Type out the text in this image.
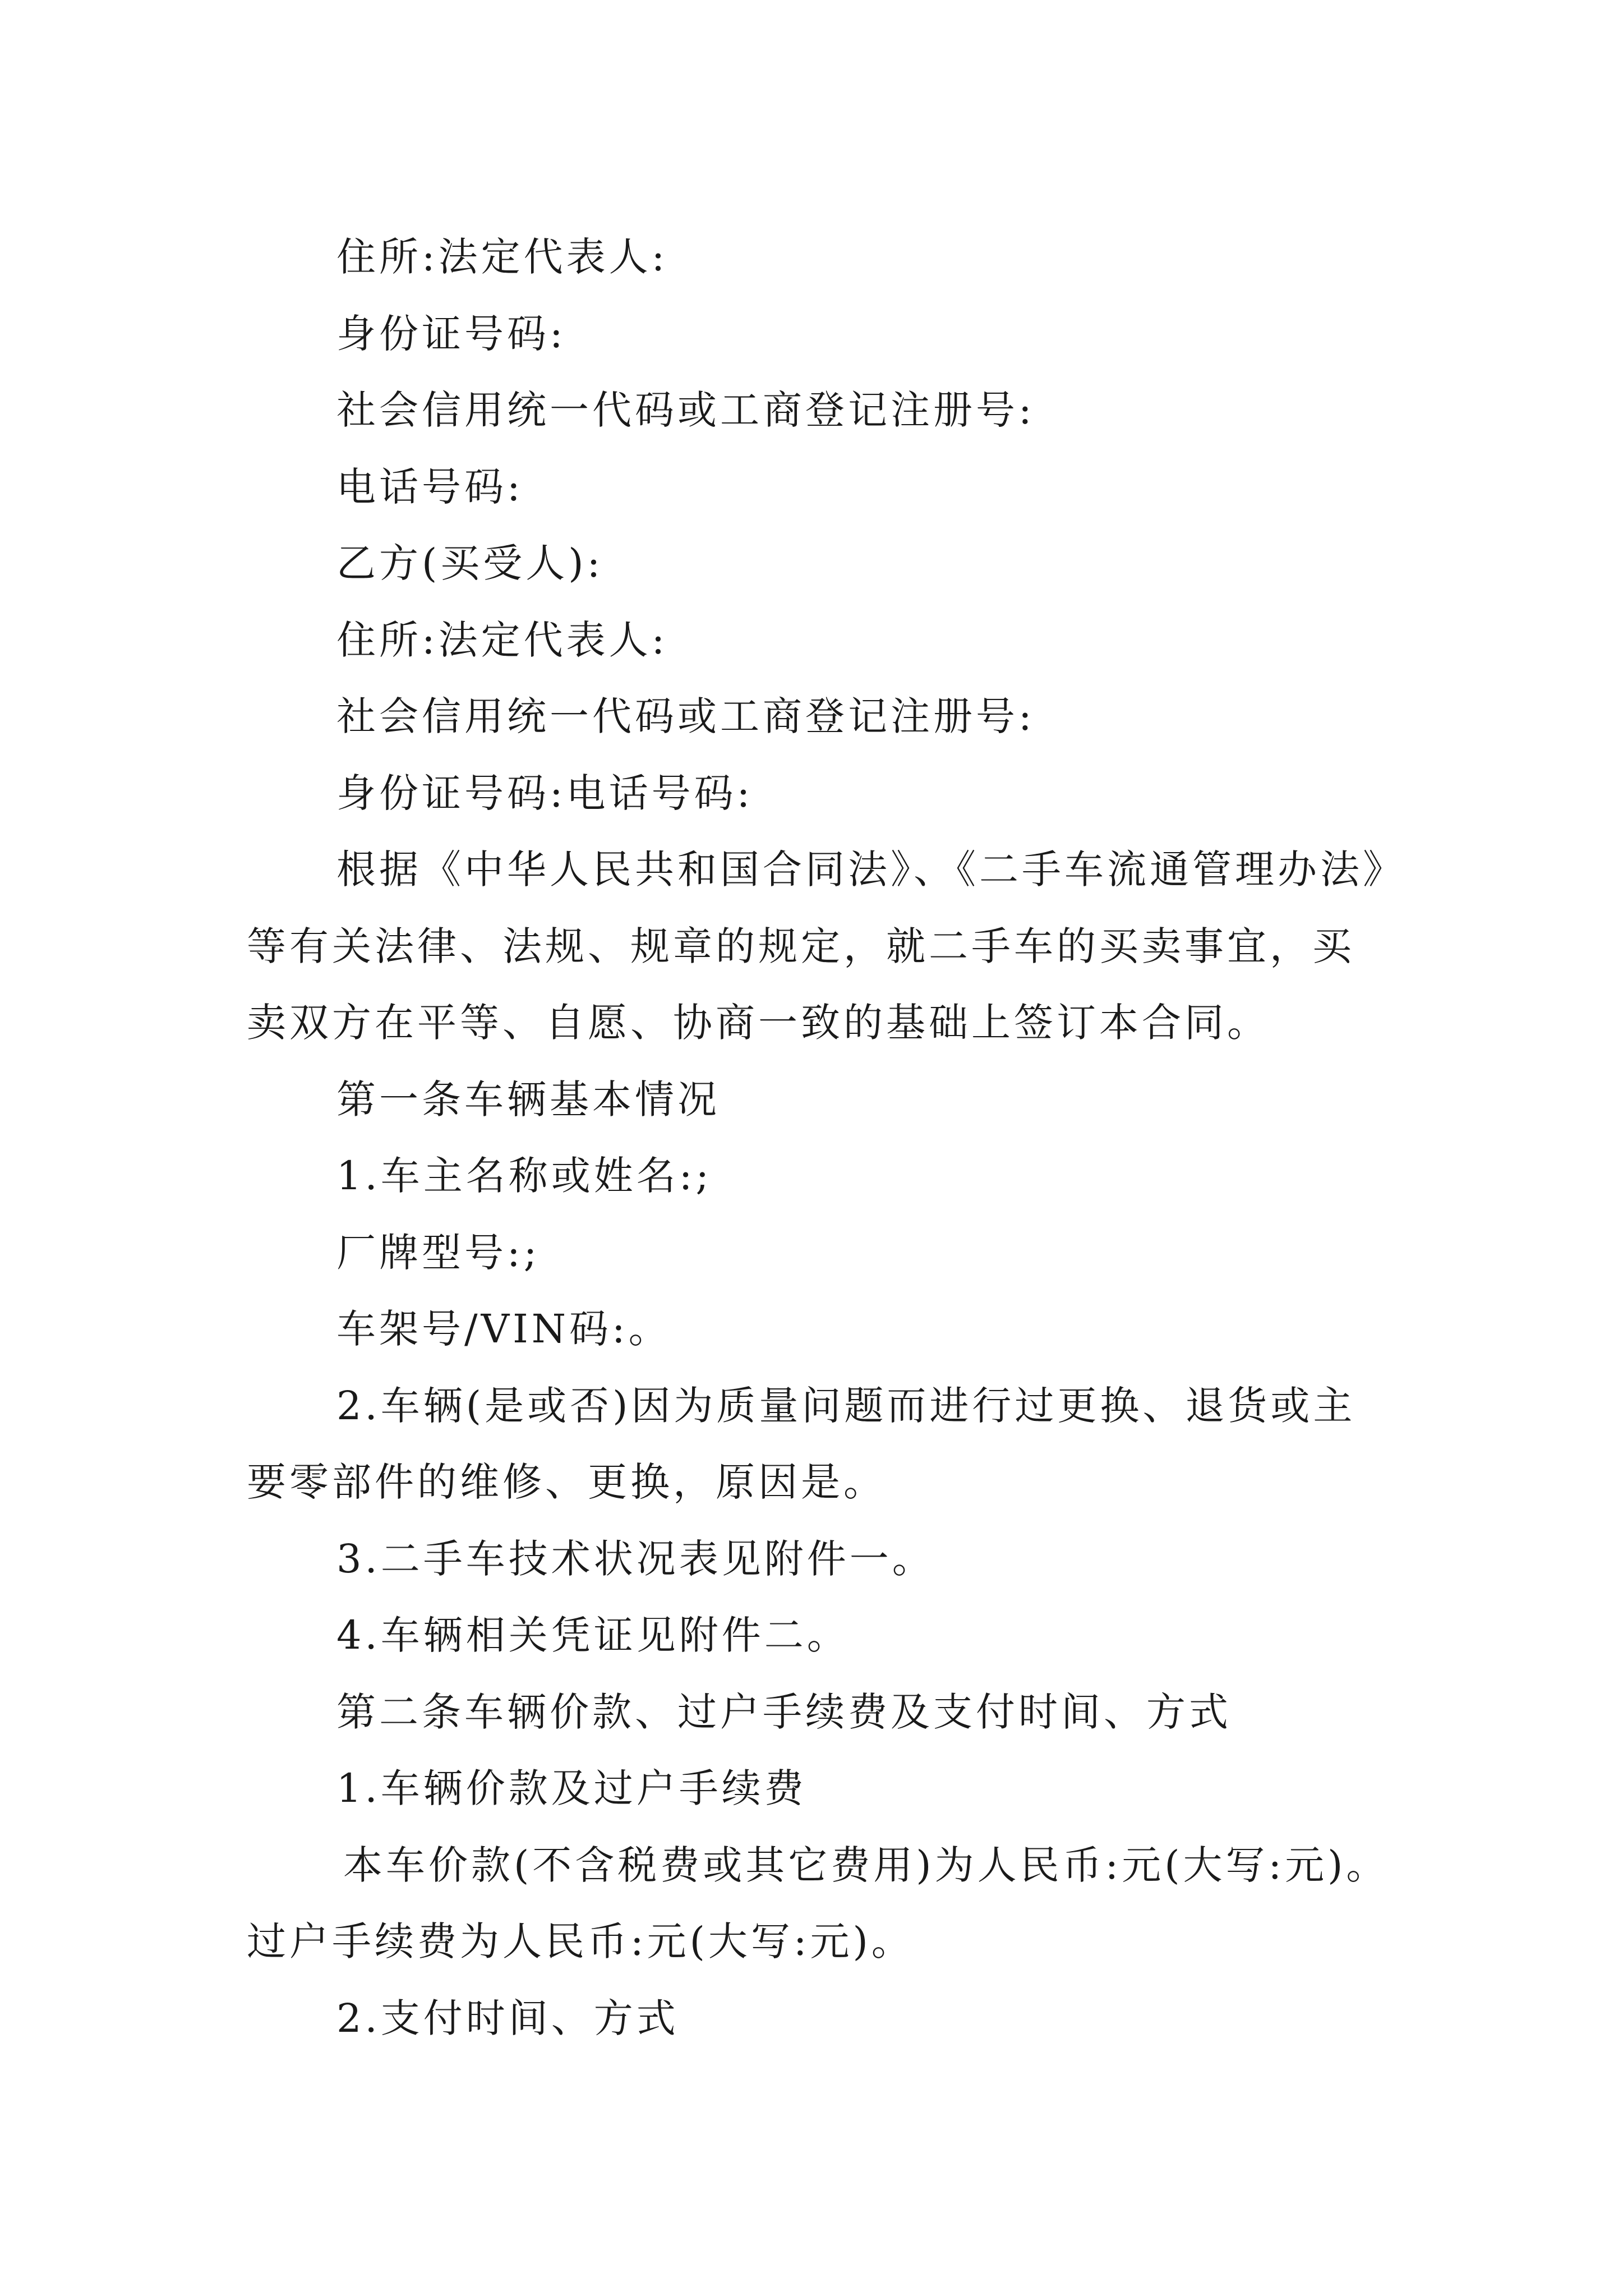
住所:法定代表人:
身份证号码:
社会信用统一代码或工商登记注册号:
电话号码:
乙方(买受人):
住所:法定代表人:
社会信用统一代码或工商登记注册号:
身份证号码:电话号码:
根据《中华人民共和国合同法》、《二手车流通管理办法》
等有关法律、法规、规章的规定，就二手车的买卖事宜，买
卖双方在平等、自愿、协商一致的基础上签订本合同。
第一条车辆基本情况
1.车主名称或姓名:;
厂牌型号:;
车架号/VIN码:。
2.车辆(是或否)因为质量问题而进行过更换、退货或主
要零部件的维修、更换，原因是。
3.二手车技术状况表见附件一。
4.车辆相关凭证见附件二。
第二条车辆价款、过户手续费及支付时间、方式
1.车辆价款及过户手续费
本车价款(不含税费或其它费用)为人民币:元(大写:元)。
过户手续费为人民币:元(大写:元)。
2.支付时间、方式
